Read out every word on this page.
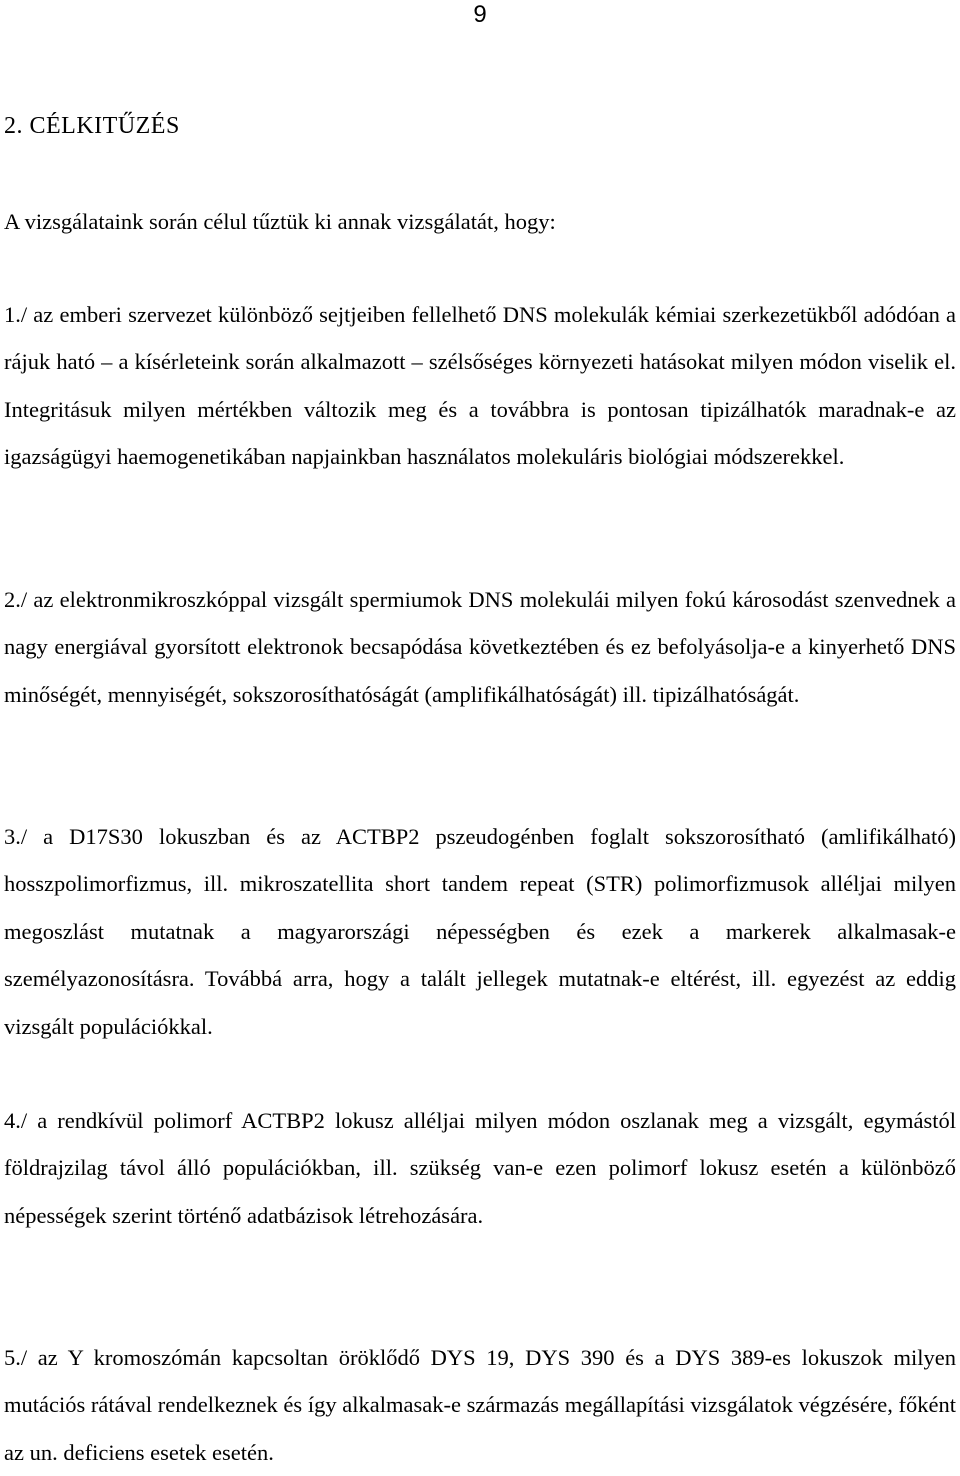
9
2. CÉLKITŰZÉS

A vizsgálataink során célul tűztük ki annak vizsgálatát, hogy:

1./ az emberi szervezet különböző sejtjeiben fellelhető DNS molekulák kémiai szerkezetükből adódóan a rájuk ható – a kísérleteink során alkalmazott – szélsőséges környezeti hatásokat milyen módon viselik el. Integritásuk milyen mértékben változik meg és a továbbra is pontosan tipizálhatók maradnak-e az igazságügyi haemogenetikában napjainkban használatos molekuláris biológiai módszerekkel.

2./ az elektronmikroszkóppal vizsgált spermiumok DNS molekulái milyen fokú károsodást szenvednek a nagy energiával gyorsított elektronok becsapódása következtében és ez befolyásolja-e a kinyerhető DNS minőségét, mennyiségét, sokszorosíthatóságát (amplifikálhatóságát) ill. tipizálhatóságát.

3./ a D17S30 lokuszban és az ACTBP2 pszeudogénben foglalt sokszorosítható (amlifikálható) hosszpolimorfizmus, ill. mikroszatellita short tandem repeat (STR) polimorfizmusok alléljai milyen megoszlást mutatnak a magyarországi népességben és ezek a markerek alkalmasak-e személyazonosításra. Továbbá arra, hogy a talált jellegek mutatnak-e eltérést, ill. egyezést az eddig vizsgált populációkkal.

4./ a rendkívül polimorf ACTBP2 lokusz alléljai milyen módon oszlanak meg a vizsgált, egymástól földrajzilag távol álló populációkban, ill. szükség van-e ezen polimorf lokusz esetén a különböző népességek szerint történő adatbázisok létrehozására.

5./ az Y kromoszómán kapcsoltan öröklődő DYS 19, DYS 390 és a DYS 389-es lokuszok milyen mutációs rátával rendelkeznek és így alkalmasak-e származás megállapítási vizsgálatok végzésére, főként az un. deficiens esetek esetén.
